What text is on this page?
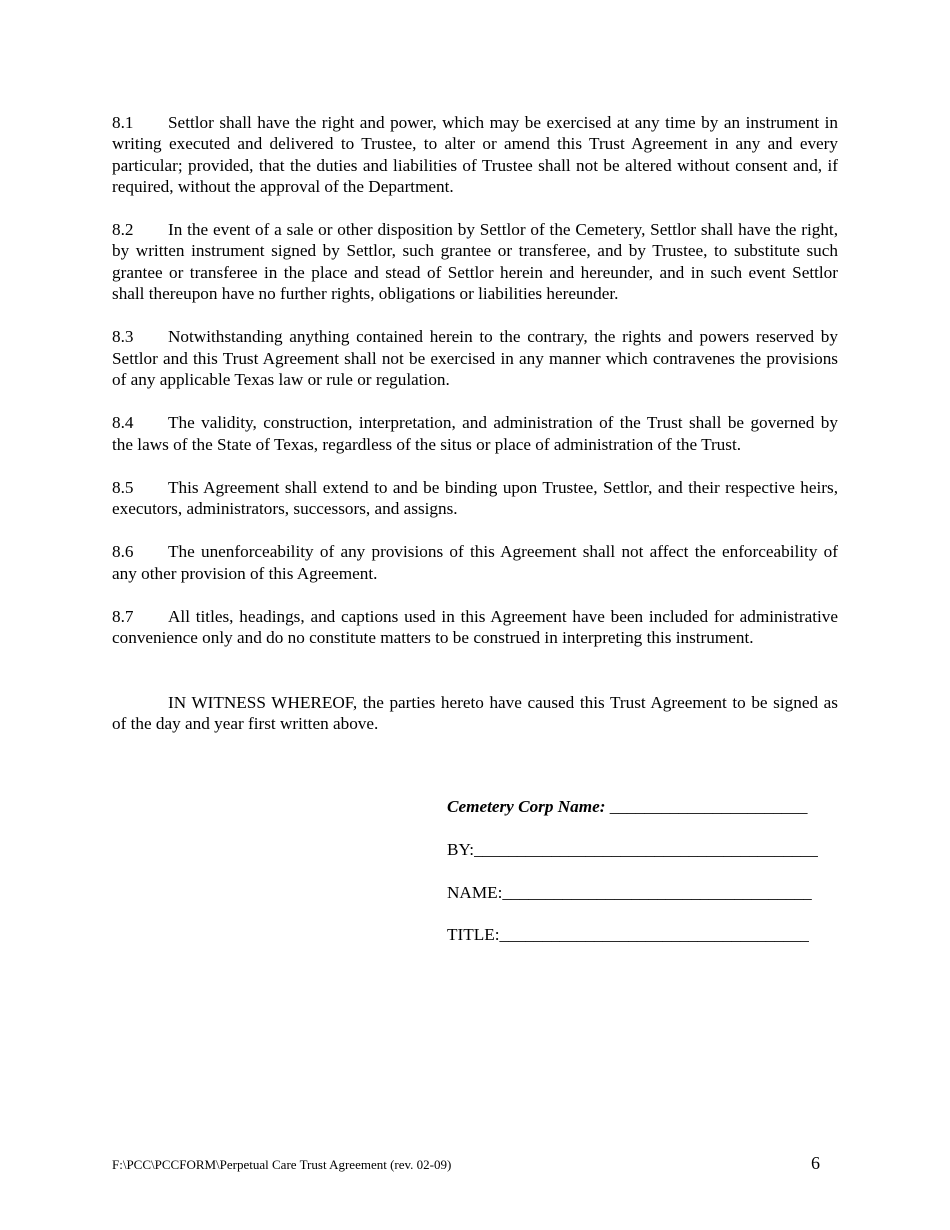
8.1 Settlor shall have the right and power, which may be exercised at any time by an instrument in writing executed and delivered to Trustee, to alter or amend this Trust Agreement in any and every particular; provided, that the duties and liabilities of Trustee shall not be altered without consent and, if required, without the approval of the Department.

8.2 In the event of a sale or other disposition by Settlor of the Cemetery, Settlor shall have the right, by written instrument signed by Settlor, such grantee or transferee, and by Trustee, to substitute such grantee or transferee in the place and stead of Settlor herein and hereunder, and in such event Settlor shall thereupon have no further rights, obligations or liabilities hereunder.

8.3 Notwithstanding anything contained herein to the contrary, the rights and powers reserved by Settlor and this Trust Agreement shall not be exercised in any manner which contravenes the provisions of any applicable Texas law or rule or regulation.

8.4 The validity, construction, interpretation, and administration of the Trust shall be governed by the laws of the State of Texas, regardless of the situs or place of administration of the Trust.

8.5 This Agreement shall extend to and be binding upon Trustee, Settlor, and their respective heirs, executors, administrators, successors, and assigns.

8.6 The unenforceability of any provisions of this Agreement shall not affect the enforceability of any other provision of this Agreement.

8.7 All titles, headings, and captions used in this Agreement have been included for administrative convenience only and do no constitute matters to be construed in interpreting this instrument.

IN WITNESS WHEREOF, the parties hereto have caused this Trust Agreement to be signed as of the day and year first written above.

Cemetery Corp Name: _______________________
BY:________________________________________
NAME:____________________________________
TITLE:____________________________________
F:\PCC\PCCFORM\Perpetual Care Trust Agreement (rev. 02-09)	6
